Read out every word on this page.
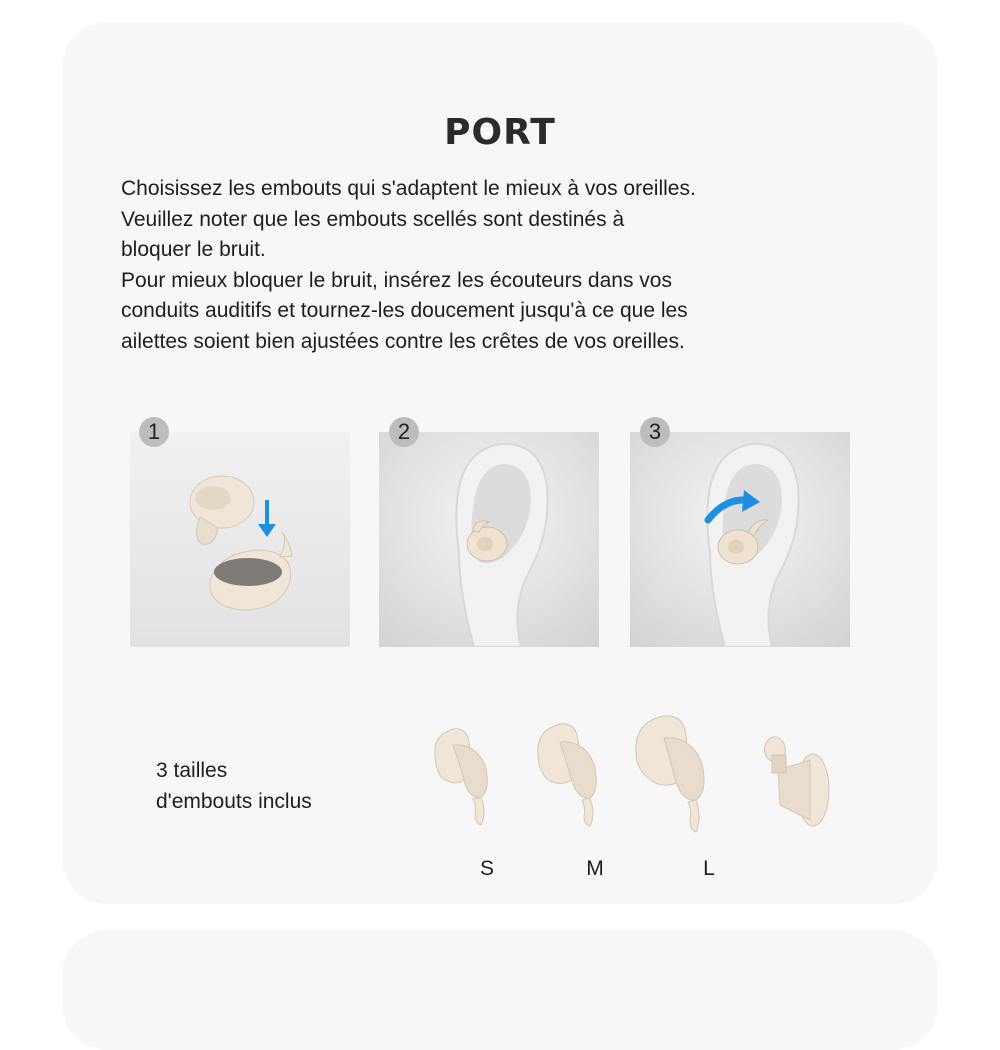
PORT

Choisissez les embouts qui s'adaptent le mieux à vos oreilles.

Veuillez noter que les embouts scellés sont destinés à

bloquer le bruit.

Pour mieux bloquer le bruit, insérez les écouteurs dans vos

conduits auditifs et tournez-les doucement jusqu'à ce que les

ailettes soient bien ajustées contre les crêtes de vos oreilles.

1	2	3
3 tailles
d'embouts inclus
S	M	L
